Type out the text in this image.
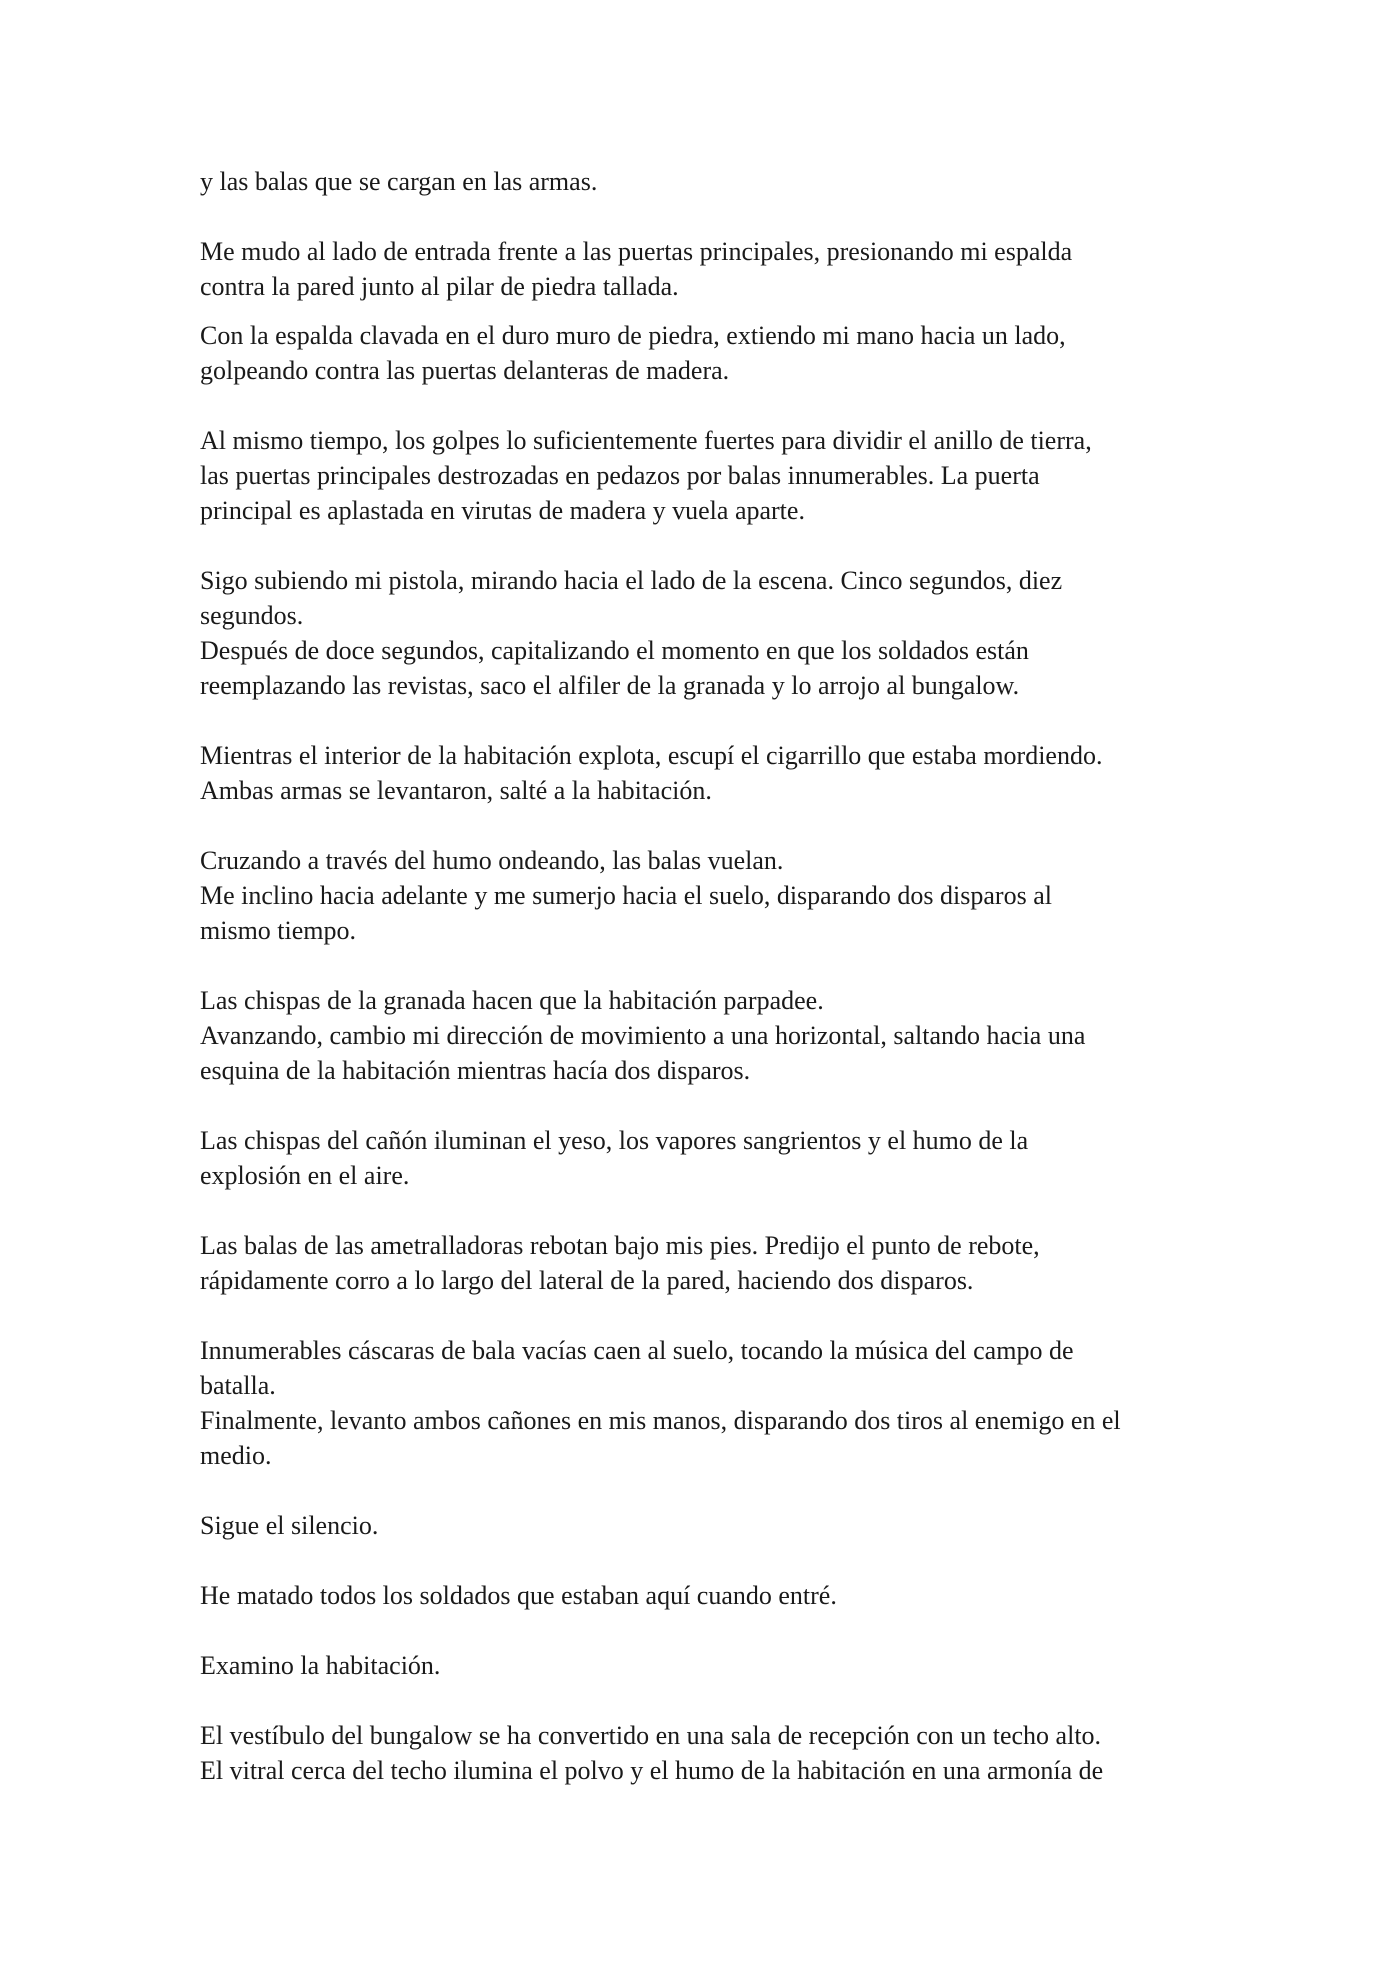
y las balas que se cargan en las armas.

Me mudo al lado de entrada frente a las puertas principales, presionando mi espalda
contra la pared junto al pilar de piedra tallada.

Con la espalda clavada en el duro muro de piedra, extiendo mi mano hacia un lado,
golpeando contra las puertas delanteras de madera.

Al mismo tiempo, los golpes lo suficientemente fuertes para dividir el anillo de tierra,
las puertas principales destrozadas en pedazos por balas innumerables. La puerta
principal es aplastada en virutas de madera y vuela aparte.

Sigo subiendo mi pistola, mirando hacia el lado de la escena. Cinco segundos, diez
segundos.
Después de doce segundos, capitalizando el momento en que los soldados están
reemplazando las revistas, saco el alfiler de la granada y lo arrojo al bungalow.

Mientras el interior de la habitación explota, escupí el cigarrillo que estaba mordiendo.
Ambas armas se levantaron, salté a la habitación.

Cruzando a través del humo ondeando, las balas vuelan.
Me inclino hacia adelante y me sumerjo hacia el suelo, disparando dos disparos al
mismo tiempo.

Las chispas de la granada hacen que la habitación parpadee.
Avanzando, cambio mi dirección de movimiento a una horizontal, saltando hacia una
esquina de la habitación mientras hacía dos disparos.

Las chispas del cañón iluminan el yeso, los vapores sangrientos y el humo de la
explosión en el aire.

Las balas de las ametralladoras rebotan bajo mis pies. Predijo el punto de rebote,
rápidamente corro a lo largo del lateral de la pared, haciendo dos disparos.

Innumerables cáscaras de bala vacías caen al suelo, tocando la música del campo de
batalla.
Finalmente, levanto ambos cañones en mis manos, disparando dos tiros al enemigo en el
medio.

Sigue el silencio.

He matado todos los soldados que estaban aquí cuando entré.

Examino la habitación.

El vestíbulo del bungalow se ha convertido en una sala de recepción con un techo alto.
El vitral cerca del techo ilumina el polvo y el humo de la habitación en una armonía de
